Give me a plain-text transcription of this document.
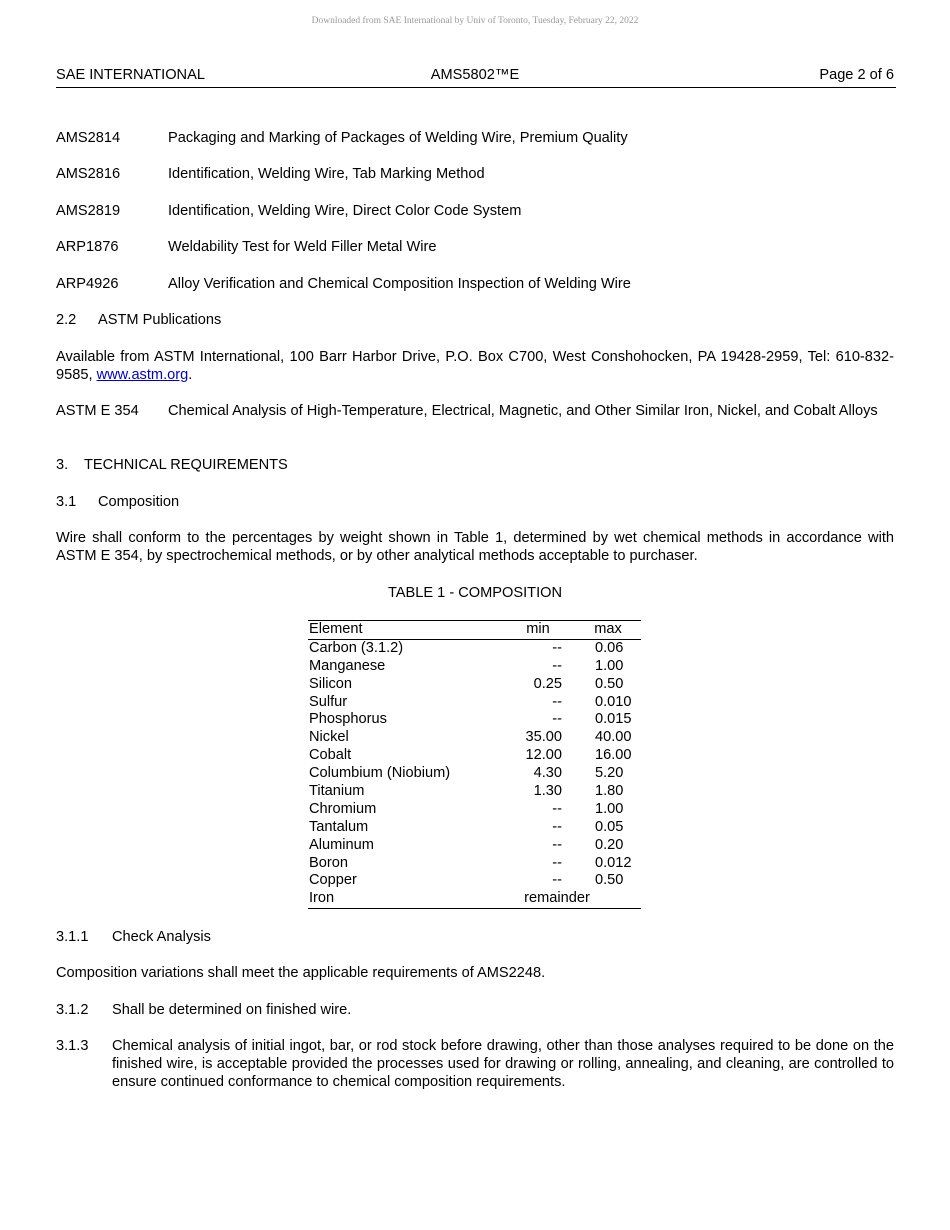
Downloaded from SAE International by Univ of Toronto, Tuesday, February 22, 2022
SAE INTERNATIONAL	AMS5802™E	Page 2 of 6
AMS2814	Packaging and Marking of Packages of Welding Wire, Premium Quality
AMS2816	Identification, Welding Wire, Tab Marking Method
AMS2819	Identification, Welding Wire, Direct Color Code System
ARP1876	Weldability Test for Weld Filler Metal Wire
ARP4926	Alloy Verification and Chemical Composition Inspection of Welding Wire
2.2 ASTM Publications
Available from ASTM International, 100 Barr Harbor Drive, P.O. Box C700, West Conshohocken, PA 19428-2959, Tel: 610-832-9585, www.astm.org.
ASTM E 354 Chemical Analysis of High-Temperature, Electrical, Magnetic, and Other Similar Iron, Nickel, and Cobalt Alloys
3. TECHNICAL REQUIREMENTS
3.1 Composition
Wire shall conform to the percentages by weight shown in Table 1, determined by wet chemical methods in accordance with ASTM E 354, by spectrochemical methods, or by other analytical methods acceptable to purchaser.
TABLE 1 - COMPOSITION
Element	min	max
Carbon (3.1.2)	-- 0.06
Manganese	-- 1.00
Silicon	0.25 0.50
Sulfur	-- 0.010
Phosphorus	-- 0.015
Nickel	35.00 40.00
Cobalt	12.00 16.00
Columbium (Niobium)	4.30 5.20
Titanium	1.30 1.80
Chromium	-- 1.00
Tantalum	-- 0.05
Aluminum	-- 0.20
Boron	-- 0.012
Copper	-- 0.50
Iron	remainder
3.1.1 Check Analysis
Composition variations shall meet the applicable requirements of AMS2248.
3.1.2 Shall be determined on finished wire.
3.1.3 Chemical analysis of initial ingot, bar, or rod stock before drawing, other than those analyses required to be done on the finished wire, is acceptable provided the processes used for drawing or rolling, annealing, and cleaning, are controlled to ensure continued conformance to chemical composition requirements.
